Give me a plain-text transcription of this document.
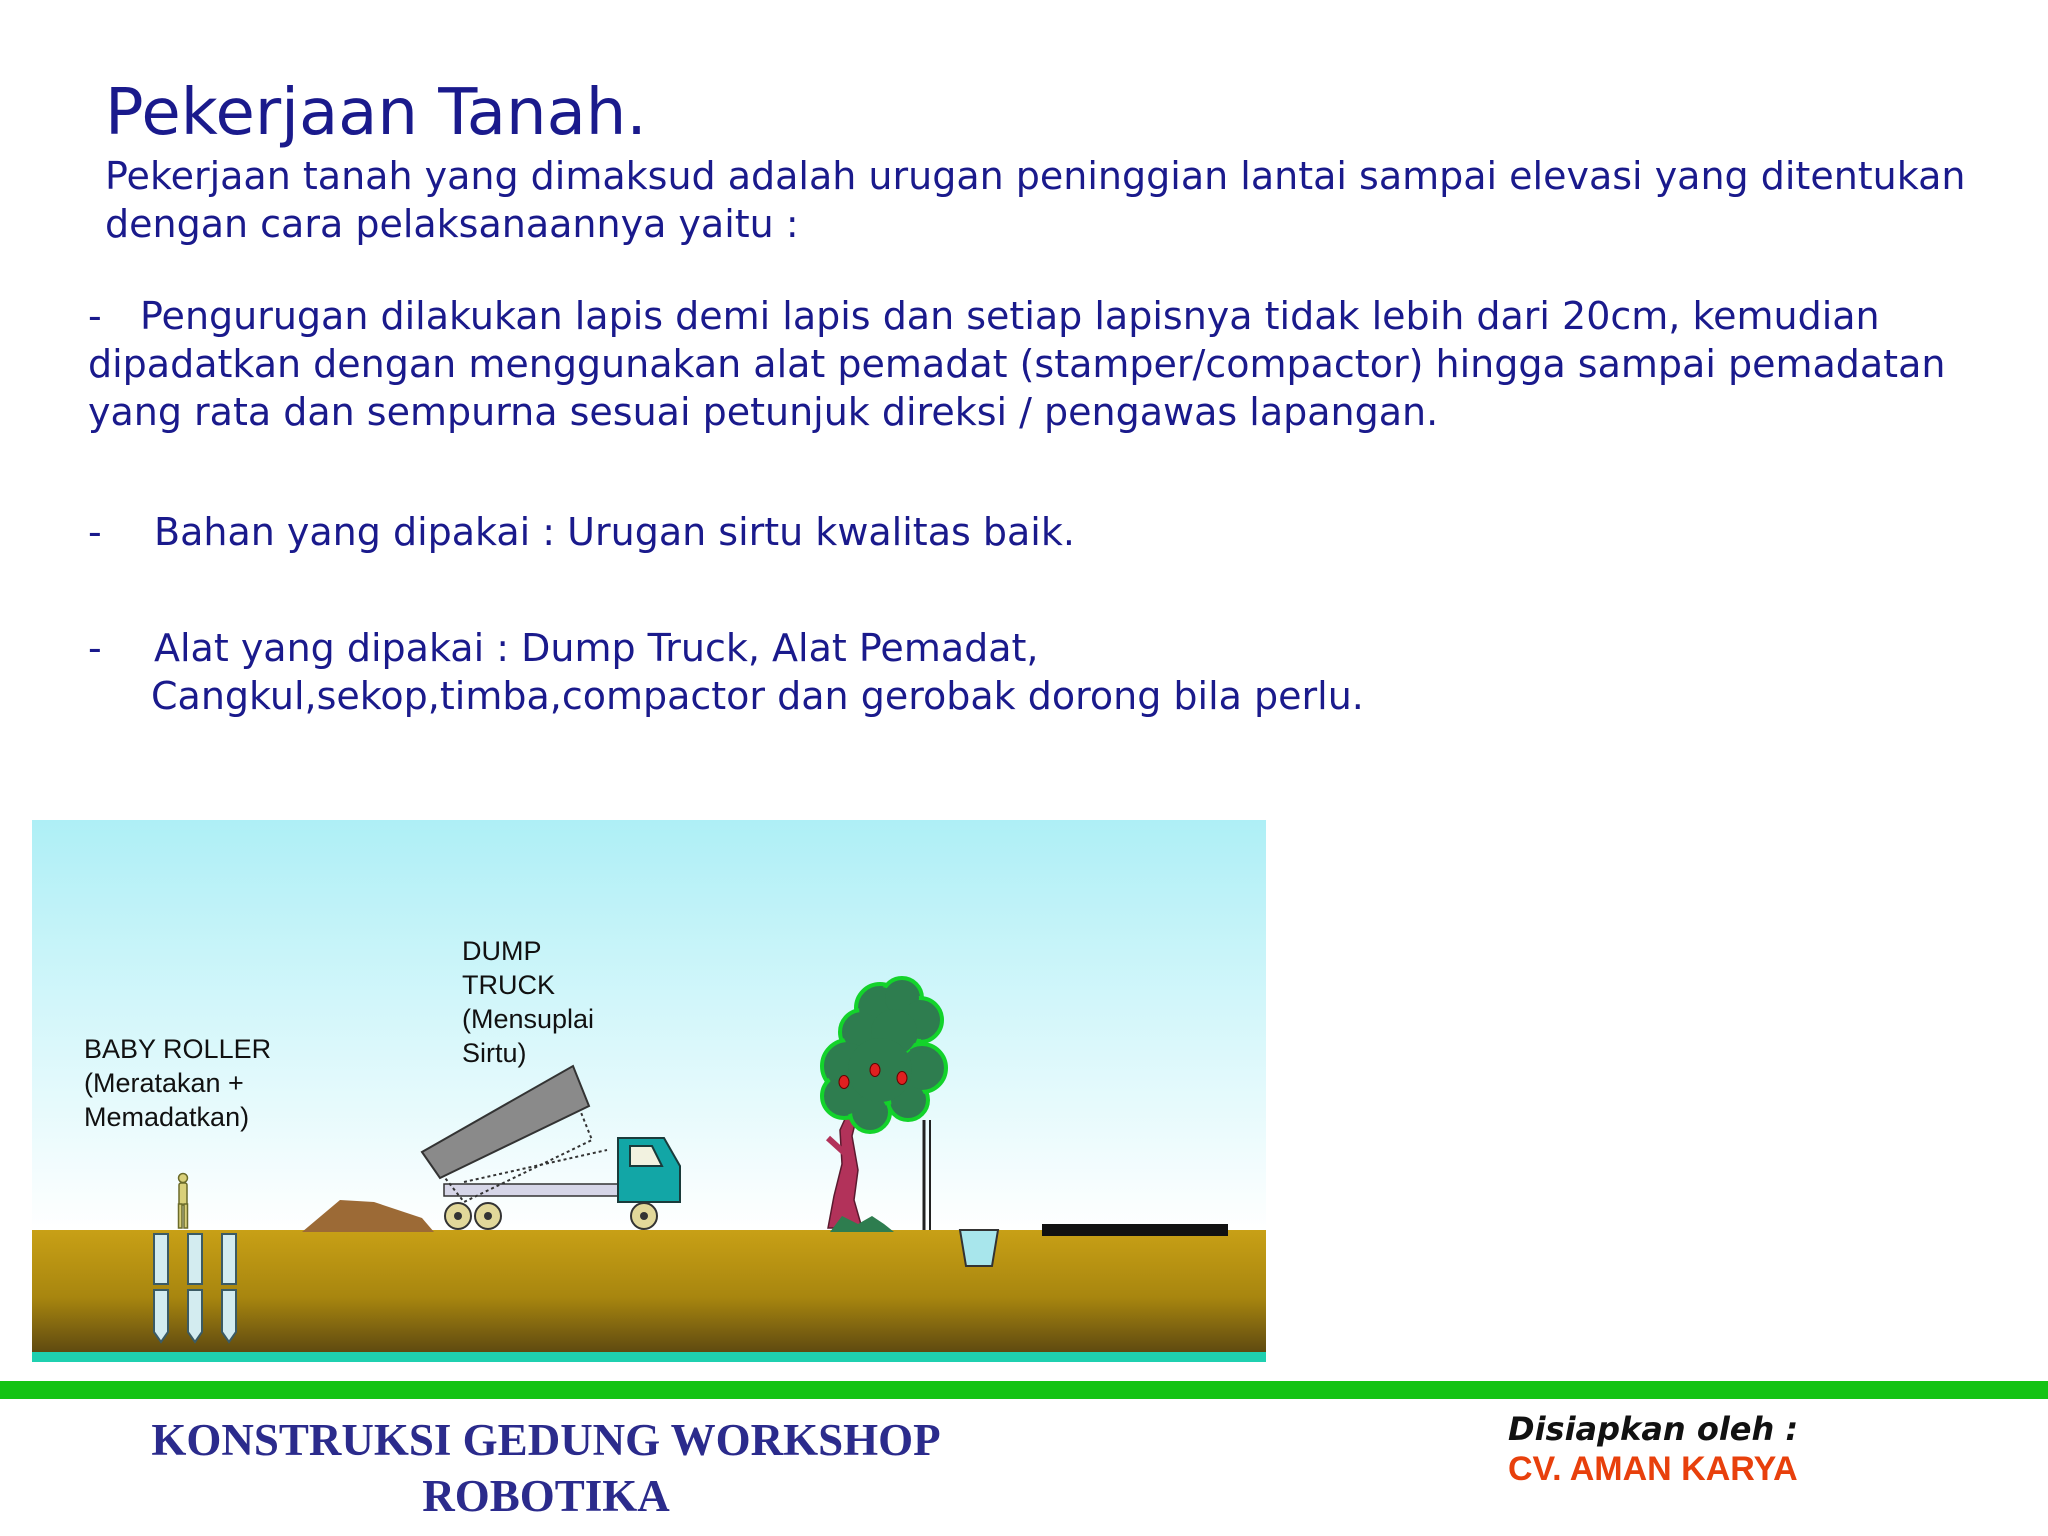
Pekerjaan Tanah.
Pekerjaan tanah yang dimaksud adalah urugan peninggian lantai sampai elevasi yang ditentukan dengan cara pelaksanaannya yaitu :
- Pengurugan dilakukan lapis demi lapis dan setiap lapisnya tidak lebih dari 20cm, kemudian dipadatkan dengan menggunakan alat pemadat (stamper/compactor) hingga sampai pemadatan yang rata dan sempurna sesuai petunjuk direksi / pengawas lapangan.
- Bahan yang dipakai : Urugan sirtu kwalitas baik.
- Alat yang dipakai : Dump Truck, Alat Pemadat,
Cangkul,sekop,timba,compactor dan gerobak dorong bila perlu.
BABY ROLLER
(Meratakan +
Memadatkan)
DUMP
TRUCK
(Mensuplai
Sirtu)
KONSTRUKSI GEDUNG WORKSHOP
ROBOTIKA
Disiapkan oleh :
CV. AMAN KARYA
